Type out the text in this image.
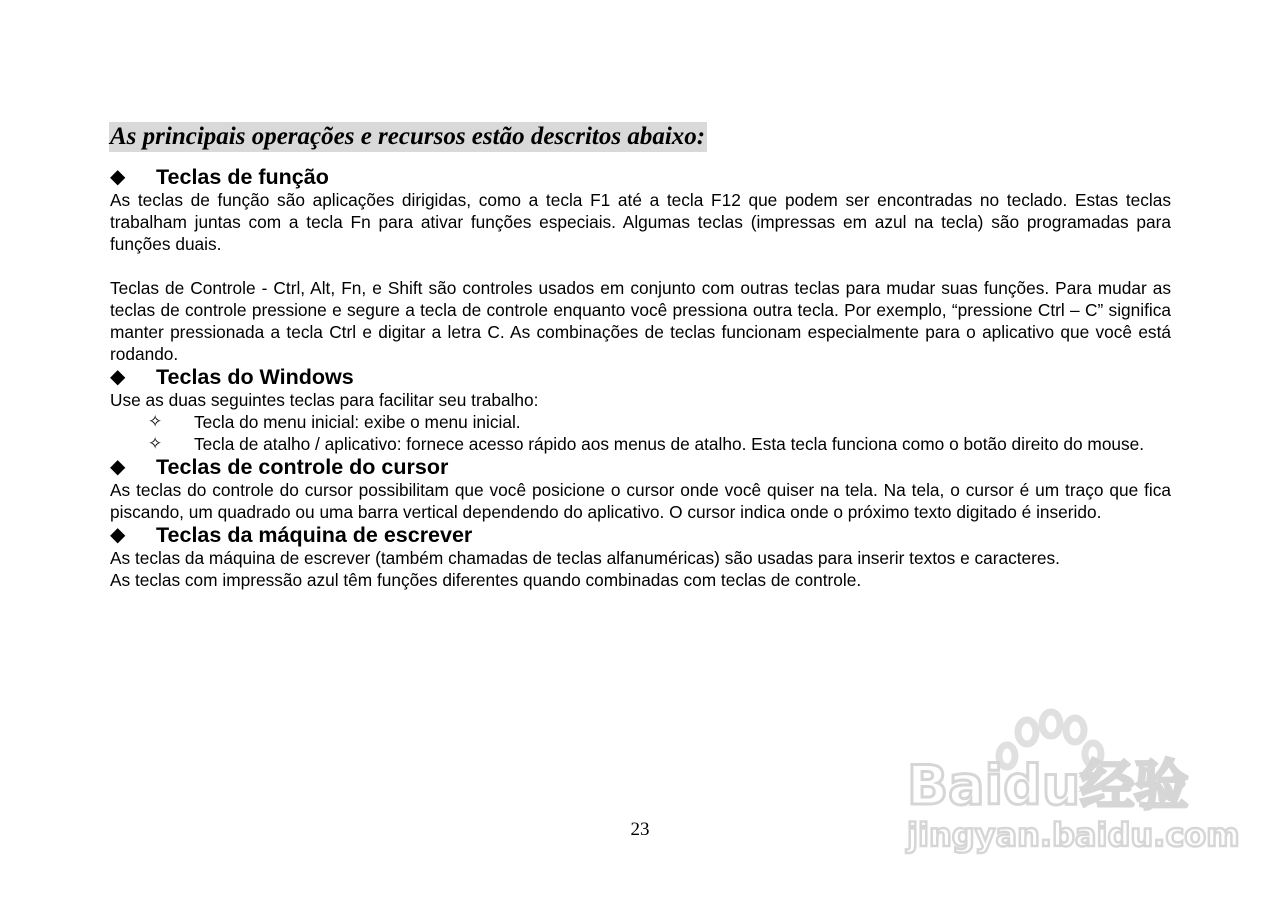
As principais operações e recursos estão descritos abaixo:
◆ Teclas de função

As teclas de função são aplicações dirigidas, como a tecla F1 até a tecla F12 que podem ser encontradas no teclado. Estas teclas trabalham juntas com a tecla Fn para ativar funções especiais. Algumas teclas (impressas em azul na tecla) são programadas para funções duais.

Teclas de Controle - Ctrl, Alt, Fn, e Shift são controles usados em conjunto com outras teclas para mudar suas funções. Para mudar as teclas de controle pressione e segure a tecla de controle enquanto você pressiona outra tecla. Por exemplo, “pressione Ctrl – C” significa manter pressionada a tecla Ctrl e digitar a letra C. As combinações de teclas funcionam especialmente para o aplicativo que você está rodando.

◆ Teclas do Windows

Use as duas seguintes teclas para facilitar seu trabalho:

✧ Tecla do menu inicial: exibe o menu inicial.
✧ Tecla de atalho / aplicativo: fornece acesso rápido aos menus de atalho. Esta tecla funciona como o botão direito do mouse.
◆ Teclas de controle do cursor

As teclas do controle do cursor possibilitam que você posicione o cursor onde você quiser na tela. Na tela, o cursor é um traço que fica piscando, um quadrado ou uma barra vertical dependendo do aplicativo. O cursor indica onde o próximo texto digitado é inserido.

◆ Teclas da máquina de escrever

As teclas da máquina de escrever (também chamadas de teclas alfanuméricas) são usadas para inserir textos e caracteres.

As teclas com impressão azul têm funções diferentes quando combinadas com teclas de controle.

23
Baidu经验
jingyan.baidu.com
